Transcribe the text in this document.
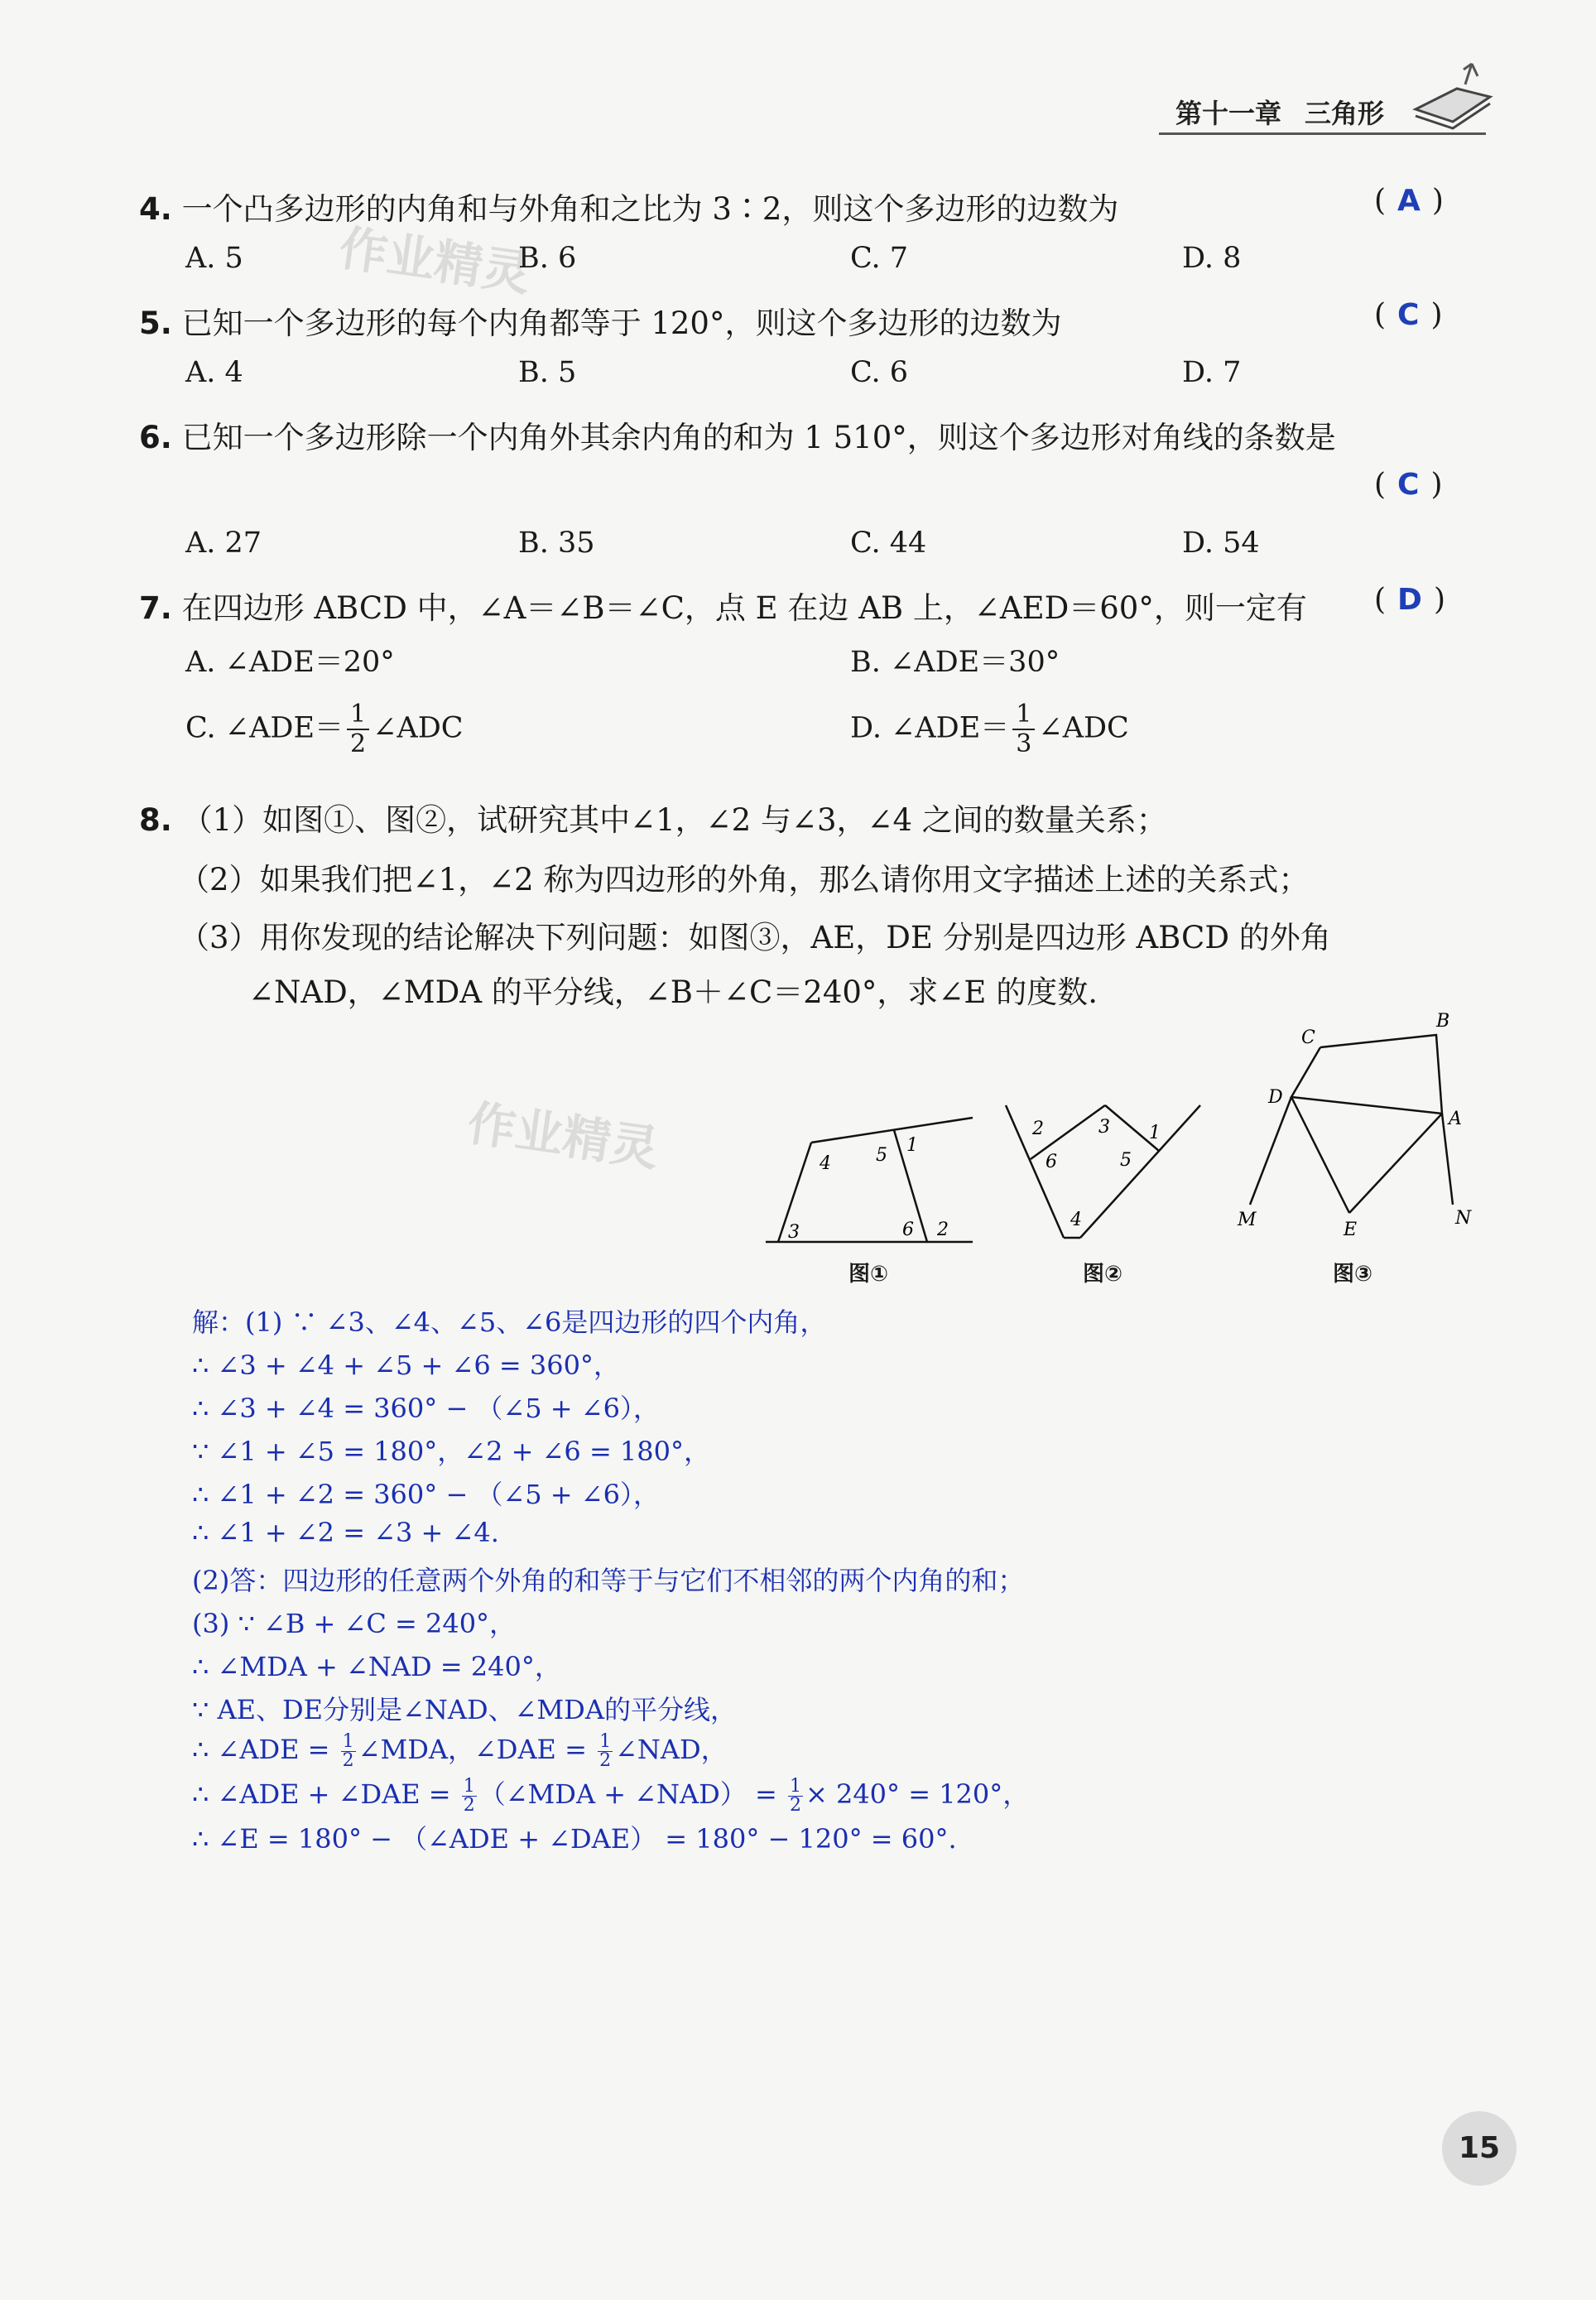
第十一章 三角形
作业精灵
作业精灵
4. 一个凸多边形的内角和与外角和之比为 3∶2，则这个多边形的边数为	( A )
A. 5	B. 6	C. 7	D. 8
5. 已知一个多边形的每个内角都等于 120°，则这个多边形的边数为	( C )
A. 4	B. 5	C. 6	D. 7
6. 已知一个多边形除一个内角外其余内角的和为 1 510°，则这个多边形对角线的条数是
( C )
A. 27	B. 35	C. 44	D. 54
7. 在四边形 ABCD 中，∠A＝∠B＝∠C，点 E 在边 AB 上，∠AED＝60°，则一定有 ( D )
A. ∠ADE＝20°	B. ∠ADE＝30°
C. ∠ADE＝ $\frac{1}{2}$ ∠ADC	D. ∠ADE＝ $\frac{1}{3}$ ∠ADC
8. （1）如图①、图②，试研究其中∠1，∠2 与∠3，∠4 之间的数量关系；
（2）如果我们把∠1，∠2 称为四边形的外角，那么请你用文字描述上述的关系式；
（3）用你发现的结论解决下列问题：如图③，AE，DE 分别是四边形 ABCD 的外角
∠NAD，∠MDA 的平分线，∠B＋∠C＝240°，求∠E 的度数.
4 5 1
3	6 2
图①
2	3 1
6	5
4
图②
C
B
D
A
M	E
N
图③
解：(1) ∵ ∠3、∠4、∠5、∠6是四边形的四个内角，
∴ ∠3 + ∠4 + ∠5 + ∠6 = 360°，
∴ ∠3 + ∠4 = 360° − （∠5 + ∠6），
∵ ∠1 + ∠5 = 180°，∠2 + ∠6 = 180°，
∴ ∠1 + ∠2 = 360° − （∠5 + ∠6），
∴ ∠1 + ∠2 = ∠3 + ∠4.
(2)答：四边形的任意两个外角的和等于与它们不相邻的两个内角的和；
(3) ∵ ∠B + ∠C = 240°，
∴ ∠MDA + ∠NAD = 240°，
∵ AE、DE分别是∠NAD、∠MDA的平分线，
∴ ∠ADE = $\frac{1}{2}$ ∠MDA，∠DAE = $\frac{1}{2}$ ∠NAD，
∴ ∠ADE + ∠DAE = $\frac{1}{2}$ （∠MDA + ∠NAD） = $\frac{1}{2} \times 240^\circ = 120^\circ$，
∴ ∠E = 180° − （∠ADE + ∠DAE） = 180° − 120° = 60°.
15
